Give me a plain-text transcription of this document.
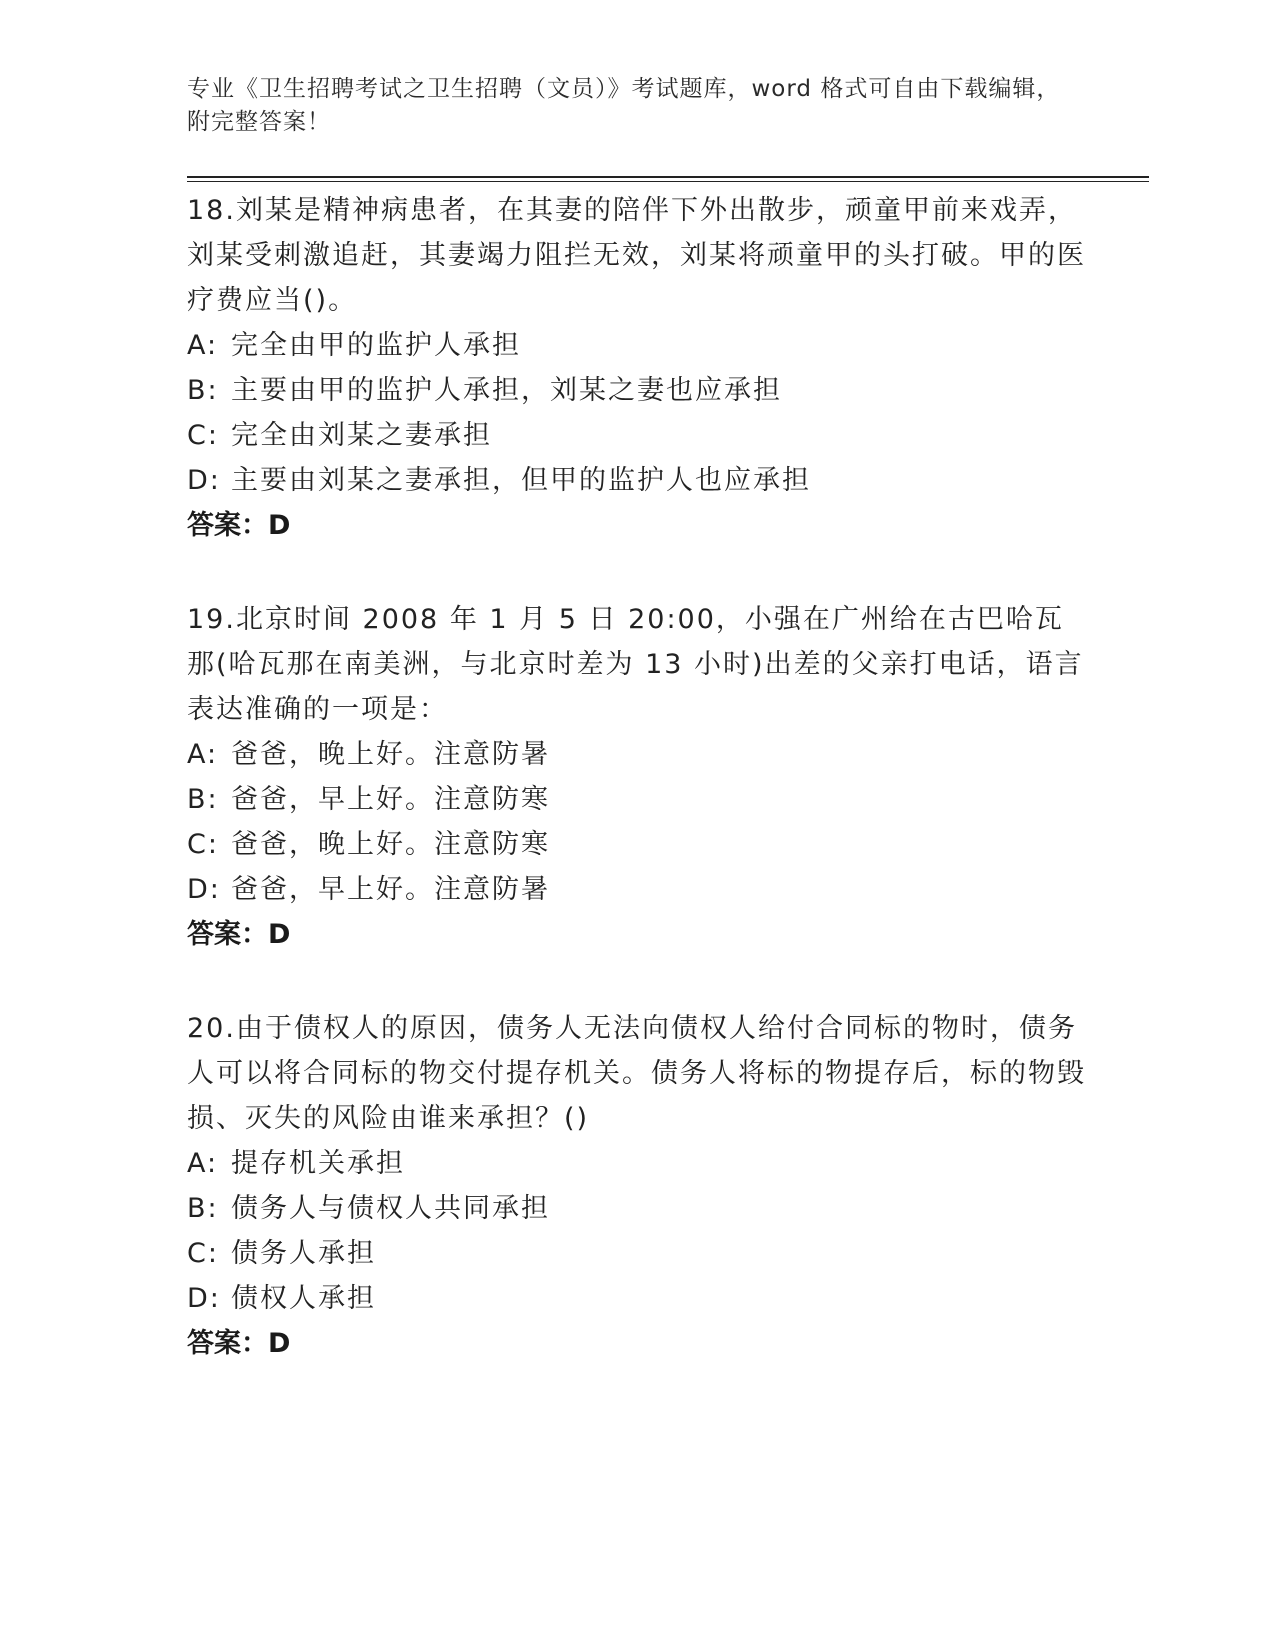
专业《卫生招聘考试之卫生招聘（文员）》考试题库，word 格式可自由下载编辑，附完整答案！

18.刘某是精神病患者，在其妻的陪伴下外出散步，顽童甲前来戏弄，刘某受刺激追赶，其妻竭力阻拦无效，刘某将顽童甲的头打破。甲的医疗费应当()。

A: 完全由甲的监护人承担

B: 主要由甲的监护人承担，刘某之妻也应承担

C: 完全由刘某之妻承担

D: 主要由刘某之妻承担，但甲的监护人也应承担

答案：D

19.北京时间 2008 年 1 月 5 日 20:00，小强在广州给在古巴哈瓦那(哈瓦那在南美洲，与北京时差为 13 小时)出差的父亲打电话，语言表达准确的一项是：

A: 爸爸，晚上好。注意防暑

B: 爸爸，早上好。注意防寒

C: 爸爸，晚上好。注意防寒

D: 爸爸，早上好。注意防暑

答案：D

20.由于债权人的原因，债务人无法向债权人给付合同标的物时，债务人可以将合同标的物交付提存机关。债务人将标的物提存后，标的物毁损、灭失的风险由谁来承担？()

A: 提存机关承担

B: 债务人与债权人共同承担

C: 债务人承担

D: 债权人承担

答案：D
